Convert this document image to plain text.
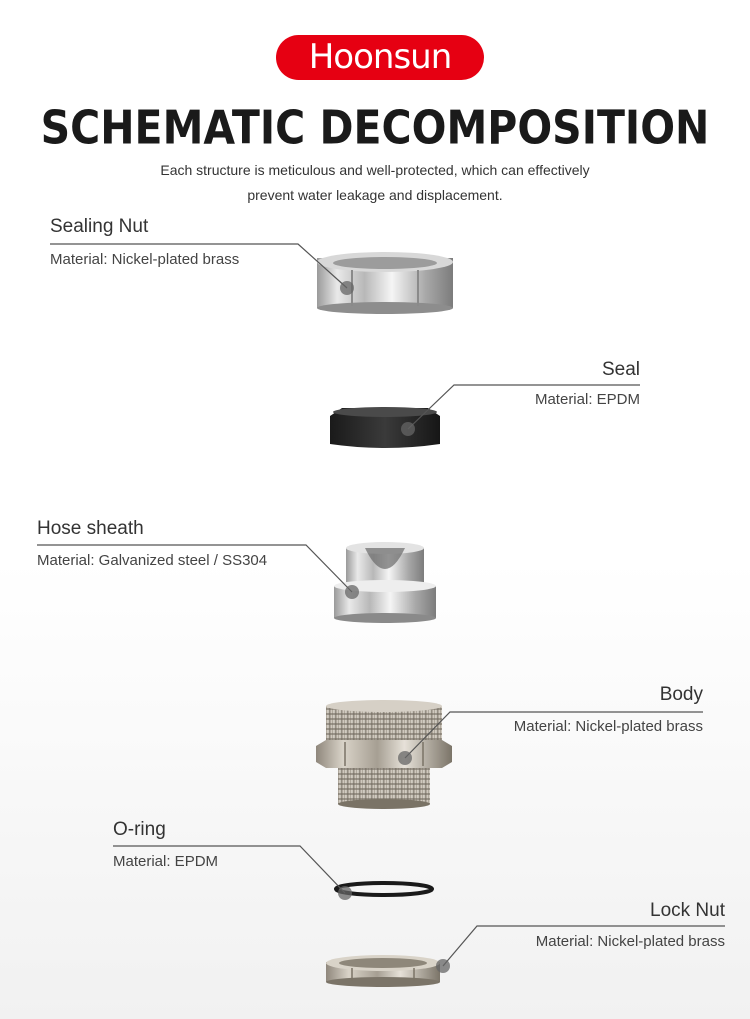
Hoonsun
SCHEMATIC DECOMPOSITION
Each structure is meticulous and well-protected, which can effectively
prevent water leakage and displacement.
Sealing Nut
Material: Nickel-plated brass
Seal
Material: EPDM
Hose sheath
Material: Galvanized steel / SS304
Body
Material: Nickel-plated brass
O-ring
Material: EPDM
Lock Nut
Material: Nickel-plated brass
